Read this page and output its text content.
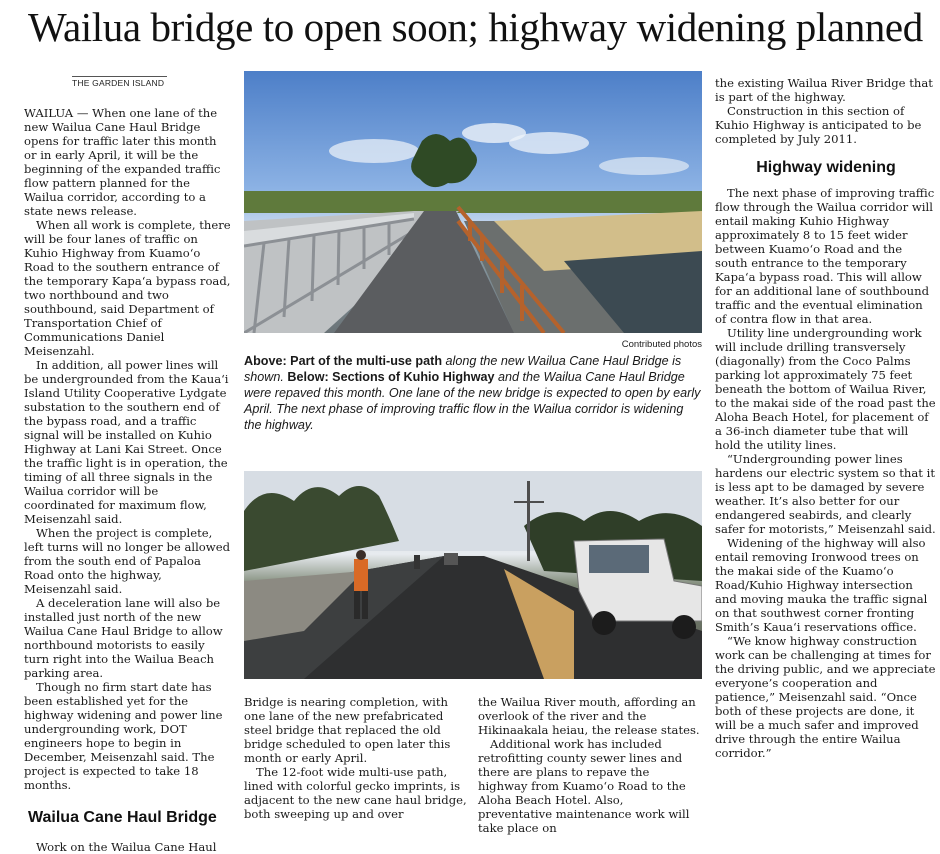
Wailua bridge to open soon; highway widening planned
THE GARDEN ISLAND

WAILUA — When one lane of the new Wailua Cane Haul Bridge opens for traffic later this month or in early April, it will be the beginning of the expanded traffic flow pattern planned for the Wailua corridor, according to a state news release.

When all work is complete, there will be four lanes of traffic on Kuhio Highway from Kuamo‘o Road to the southern entrance of the temporary Kapa‘a bypass road, two northbound and two southbound, said Department of Transportation Chief of Communications Daniel Meisenzahl.

In addition, all power lines will be undergrounded from the Kaua‘i Island Utility Cooperative Lydgate substation to the southern end of the bypass road, and a traffic signal will be installed on Kuhio Highway at Lani Kai Street. Once the traffic light is in operation, the timing of all three signals in the Wailua corridor will be coordinated for maximum flow, Meisenzahl said.

When the project is complete, left turns will no longer be allowed from the south end of Papaloa Road onto the highway, Meisenzahl said.

A deceleration lane will also be installed just north of the new Wailua Cane Haul Bridge to allow northbound motorists to easily turn right into the Wailua Beach parking area.

Though no firm start date has been established yet for the highway widening and power line undergrounding work, DOT engineers hope to begin in December, Meisenzahl said. The project is expected to take 18 months.

Wailua Cane Haul Bridge

Work on the Wailua Cane Haul

Contributed photos
Above: Part of the multi-use path along the new Wailua Cane Haul Bridge is shown. Below: Sections of Kuhio Highway and the Wailua Cane Haul Bridge were repaved this month. One lane of the new bridge is expected to open by early April. The next phase of improving traffic flow in the Wailua corridor is widening the highway.

Bridge is nearing completion, with one lane of the new prefabricated steel bridge that replaced the old bridge scheduled to open later this month or early April.

The 12-foot wide multi-use path, lined with colorful gecko imprints, is adjacent to the new cane haul bridge, both sweeping up and over

the Wailua River mouth, affording an overlook of the river and the Hikinaakala heiau, the release states.

Additional work has included retrofitting county sewer lines and there are plans to repave the highway from Kuamo‘o Road to the Aloha Beach Hotel. Also, preventative maintenance work will take place on

the existing Wailua River Bridge that is part of the highway.

Construction in this section of Kuhio Highway is anticipated to be completed by July 2011.

Highway widening

The next phase of improving traffic flow through the Wailua corridor will entail making Kuhio Highway approximately 8 to 15 feet wider between Kuamo‘o Road and the south entrance to the temporary Kapa‘a bypass road. This will allow for an additional lane of southbound traffic and the eventual elimination of contra flow in that area.

Utility line undergrounding work will include drilling transversely (diagonally) from the Coco Palms parking lot approximately 75 feet beneath the bottom of Wailua River, to the makai side of the road past the Aloha Beach Hotel, for placement of a 36-inch diameter tube that will hold the utility lines.

“Undergrounding power lines hardens our electric system so that it is less apt to be damaged by severe weather. It’s also better for our endangered seabirds, and clearly safer for motorists,” Meisenzahl said.

Widening of the highway will also entail removing Ironwood trees on the makai side of the Kuamo‘o Road/Kuhio Highway intersection and moving mauka the traffic signal on that southwest corner fronting Smith’s Kaua‘i reservations office.

“We know highway construction work can be challenging at times for the driving public, and we appreciate everyone’s cooperation and patience,” Meisenzahl said. “Once both of these projects are done, it will be a much safer and improved drive through the entire Wailua corridor.”
